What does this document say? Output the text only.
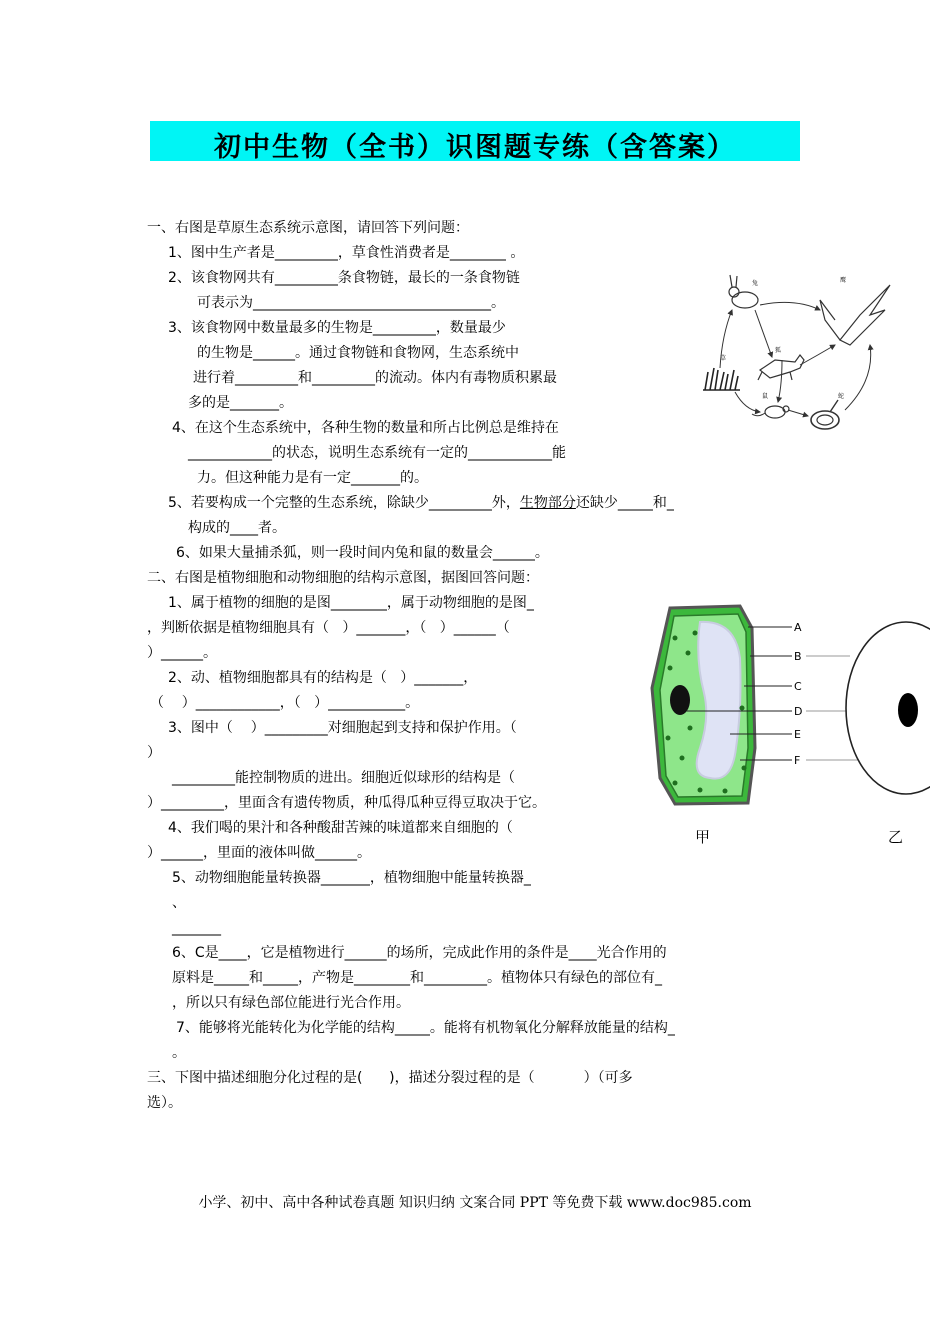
初中生物（全书）识图题专练（含答案）
一、右图是草原生态系统示意图，请回答下列问题：
1、图中生产者是_________，草食性消费者是________ 。
2、该食物网共有_________条食物链，最长的一条食物链
可表示为__________________________________。
3、该食物网中数量最多的生物是_________，数量最少
的生物是______。通过食物链和食物网，生态系统中
进行着_________和_________的流动。体内有毒物质积累最
多的是_______。
4、在这个生态系统中，各种生物的数量和所占比例总是维持在
____________的状态，说明生态系统有一定的____________能
力。但这种能力是有一定_______的。
5、若要构成一个完整的生态系统，除缺少_________外，生物部分还缺少_____和_
构成的____者。
6、如果大量捕杀狐，则一段时间内兔和鼠的数量会______。
二、右图是植物细胞和动物细胞的结构示意图，据图回答问题：
1、属于植物的细胞的是图________，属于动物细胞的是图_
，判断依据是植物细胞具有（   ）_______，（   ）______（
）______。
2、动、植物细胞都具有的结构是（   ）_______，
（    ）____________，（   ）___________。
3、图中（    ）_________对细胞起到支持和保护作用。（
）
_________能控制物质的进出。细胞近似球形的结构是（
）_________，里面含有遗传物质，种瓜得瓜种豆得豆取决于它。
4、我们喝的果汁和各种酸甜苦辣的味道都来自细胞的（
）______，里面的液体叫做______。
5、动物细胞能量转换器_______，植物细胞中能量转换器_
、
_______
6、C是____，它是植物进行______的场所，完成此作用的条件是____光合作用的
原料是_____和_____，产物是________和_________。植物体只有绿色的部位有_
，所以只有绿色部位能进行光合作用。
7、能够将光能转化为化学能的结构_____。能将有机物氧化分解释放能量的结构_
。
三、下图中描述细胞分化过程的是(      )，描述分裂过程的是（           ）（可多
选）。
兔	鹰
狐
草
鼠	蛇
A
B
C
D
E
F
甲	乙
小学、初中、高中各种试卷真题 知识归纳 文案合同 PPT 等免费下载 www.doc985.com
